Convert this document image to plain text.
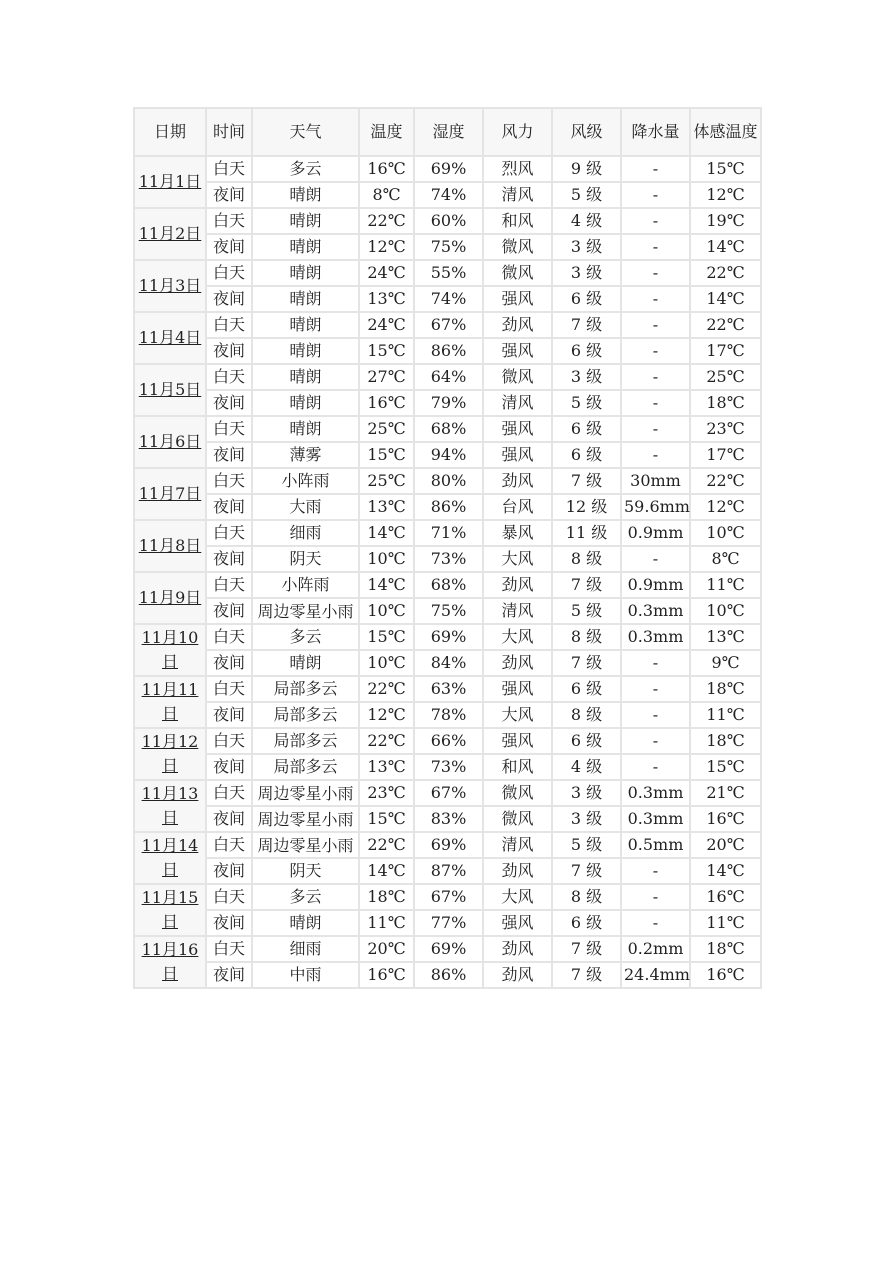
日期	时间	天气	温度	湿度	风力	风级	降水量	体感温度
11月1日	白天	多云	16℃	69%	烈风	9 级	-	15℃
	夜间	晴朗	8℃	74%	清风	5 级	-	12℃
11月2日	白天	晴朗	22℃	60%	和风	4 级	-	19℃
	夜间	晴朗	12℃	75%	微风	3 级	-	14℃
11月3日	白天	晴朗	24℃	55%	微风	3 级	-	22℃
	夜间	晴朗	13℃	74%	强风	6 级	-	14℃
11月4日	白天	晴朗	24℃	67%	劲风	7 级	-	22℃
	夜间	晴朗	15℃	86%	强风	6 级	-	17℃
11月5日	白天	晴朗	27℃	64%	微风	3 级	-	25℃
	夜间	晴朗	16℃	79%	清风	5 级	-	18℃
11月6日	白天	晴朗	25℃	68%	强风	6 级	-	23℃
	夜间	薄雾	15℃	94%	强风	6 级	-	17℃
11月7日	白天	小阵雨	25℃	80%	劲风	7 级	30mm	22℃
	夜间	大雨	13℃	86%	台风	12 级	59.6mm	12℃
11月8日	白天	细雨	14℃	71%	暴风	11 级	0.9mm	10℃
	夜间	阴天	10℃	73%	大风	8 级	-	8℃
11月9日	白天	小阵雨	14℃	68%	劲风	7 级	0.9mm	11℃
	夜间	周边零星小雨	10℃	75%	清风	5 级	0.3mm	10℃
11月10日	白天	多云	15℃	69%	大风	8 级	0.3mm	13℃
	夜间	晴朗	10℃	84%	劲风	7 级	-	9℃
11月11日	白天	局部多云	22℃	63%	强风	6 级	-	18℃
	夜间	局部多云	12℃	78%	大风	8 级	-	11℃
11月12日	白天	局部多云	22℃	66%	强风	6 级	-	18℃
	夜间	局部多云	13℃	73%	和风	4 级	-	15℃
11月13日	白天	周边零星小雨	23℃	67%	微风	3 级	0.3mm	21℃
	夜间	周边零星小雨	15℃	83%	微风	3 级	0.3mm	16℃
11月14日	白天	周边零星小雨	22℃	69%	清风	5 级	0.5mm	20℃
	夜间	阴天	14℃	87%	劲风	7 级	-	14℃
11月15日	白天	多云	18℃	67%	大风	8 级	-	16℃
	夜间	晴朗	11℃	77%	强风	6 级	-	11℃
11月16日	白天	细雨	20℃	69%	劲风	7 级	0.2mm	18℃
	夜间	中雨	16℃	86%	劲风	7 级	24.4mm	16℃
